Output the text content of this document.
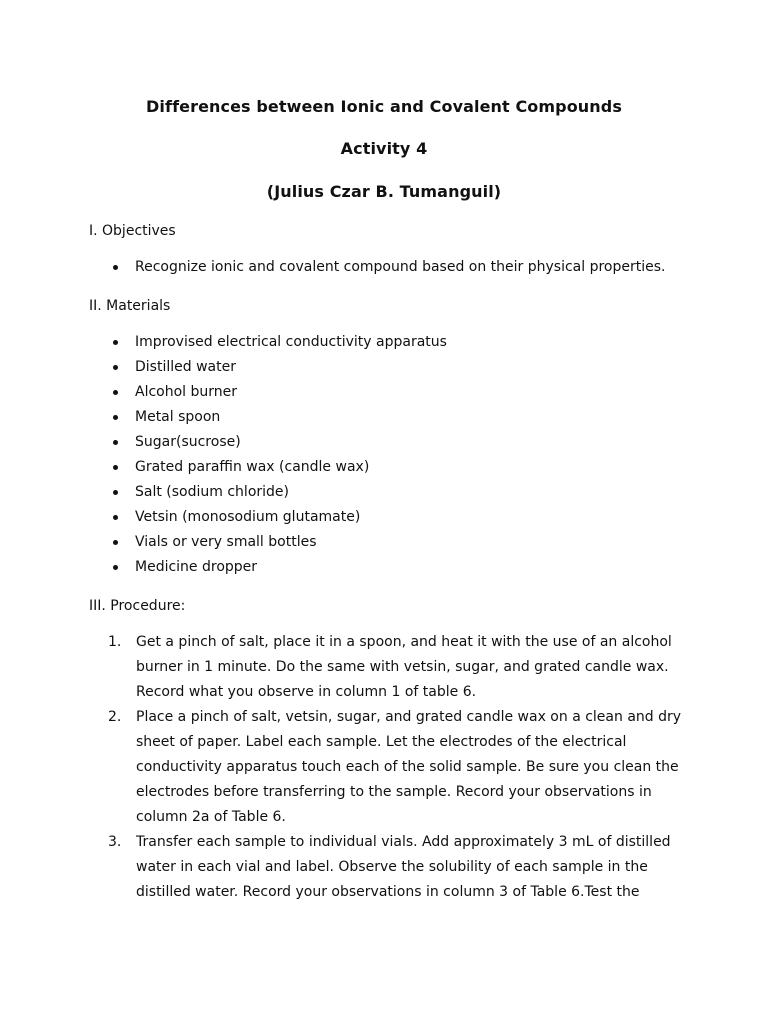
Differences between Ionic and Covalent Compounds
Activity 4
(Julius Czar B. Tumanguil)
I. Objectives
Recognize ionic and covalent compound based on their physical properties.
II. Materials
Improvised electrical conductivity apparatus
Distilled water
Alcohol burner
Metal spoon
Sugar(sucrose)
Grated paraffin wax (candle wax)
Salt (sodium chloride)
Vetsin (monosodium glutamate)
Vials or very small bottles
Medicine dropper
III. Procedure:
1. Get a pinch of salt, place it in a spoon, and heat it with the use of an alcohol
burner in 1 minute. Do the same with vetsin, sugar, and grated candle wax.
Record what you observe in column 1 of table 6.
2. Place a pinch of salt, vetsin, sugar, and grated candle wax on a clean and dry
sheet of paper. Label each sample. Let the electrodes of the electrical
conductivity apparatus touch each of the solid sample. Be sure you clean the
electrodes before transferring to the sample. Record your observations in
column 2a of Table 6.
3. Transfer each sample to individual vials. Add approximately 3 mL of distilled
water in each vial and label. Observe the solubility of each sample in the
distilled water. Record your observations in column 3 of Table 6.Test the
